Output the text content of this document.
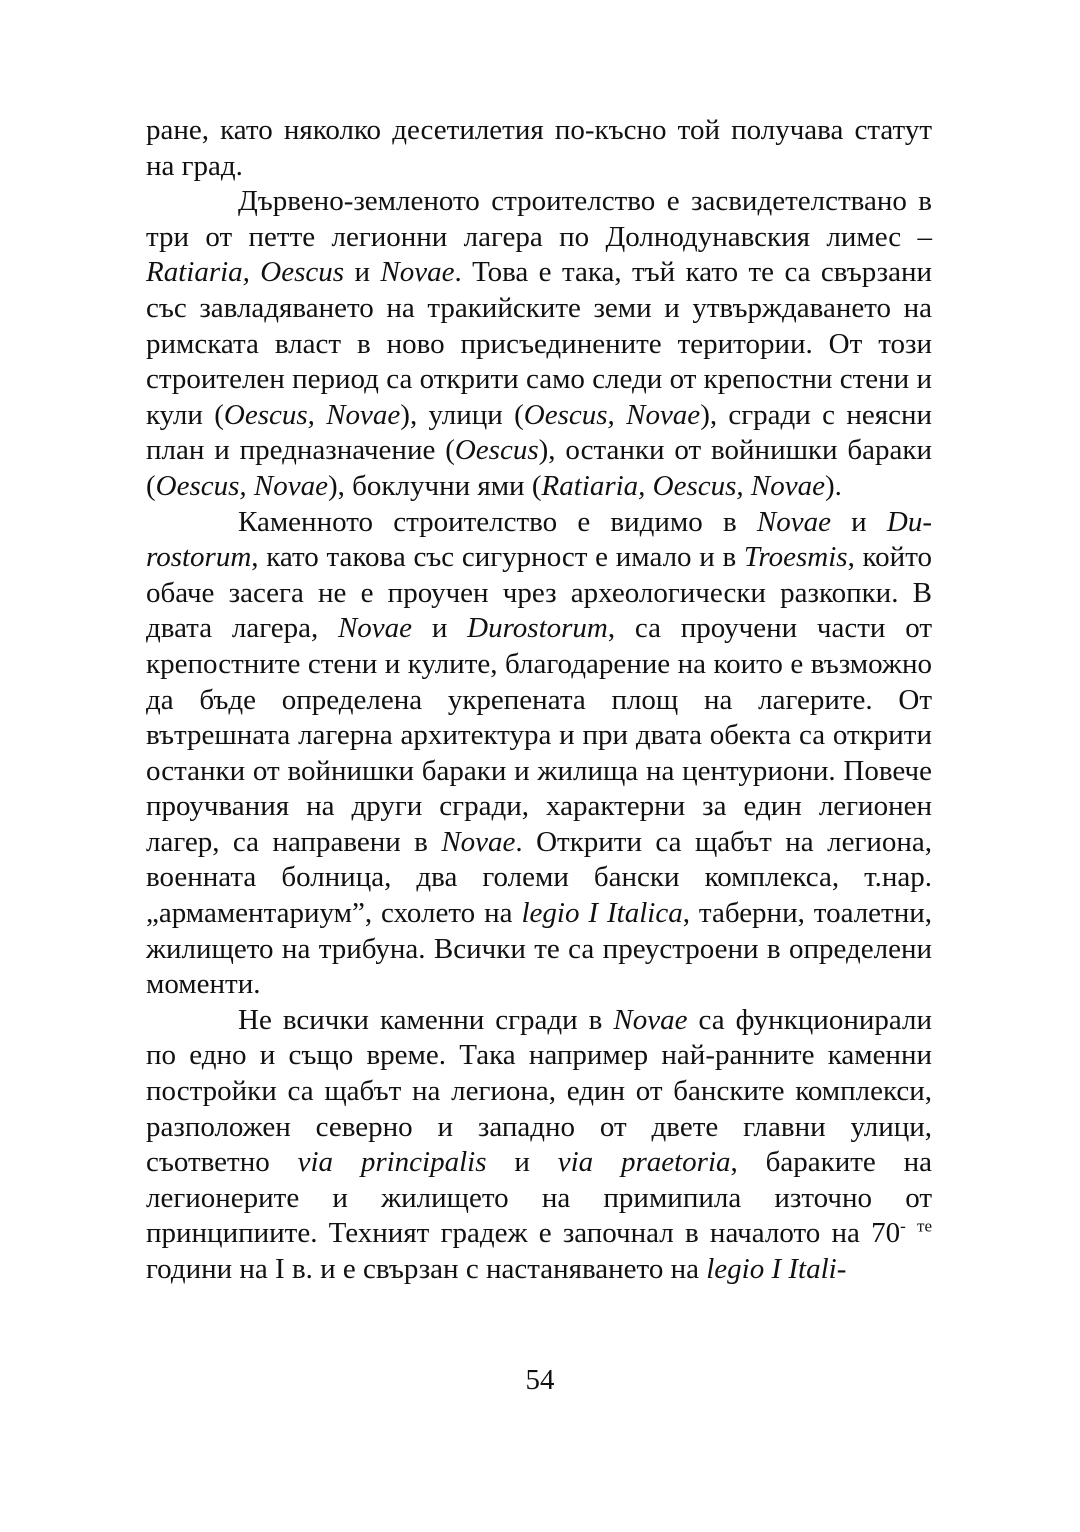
ране, като няколко десетилетия по-късно той получава статут на град.

Дървено-земленото строителство е засвидетелствано в три от петте легионни лагера по Долнодунавския лимес – Ratiaria, Oescus и Novae. Това е така, тъй като те са свързани със завладяването на тракийските земи и утвърждаването на римската власт в ново присъединените територии. От този строителен период са открити само следи от крепостни стени и кули (Oescus, Novae), улици (Oescus, Novae), сгради с неясни план и предназначение (Oescus), останки от войнишки бараки (Oescus, Novae), боклучни ями (Ratiaria, Oescus, Novae).

Каменното строителство е видимо в Novae и Durostorum, като такова със сигурност е имало и в Troesmis, който обаче засега не е проучен чрез археологически разкопки. В двата лагера, Novae и Durostorum, са проучени части от крепостните стени и кулите, благодарение на които е възможно да бъде определена укрепената площ на лагерите. От вътрешната лагерна архитектура и при двата обекта са открити останки от войнишки бараки и жилища на центуриони. Повече проучвания на други сгради, характерни за един легионен лагер, са направени в Novae. Открити са щабът на легиона, военната болница, два големи бански комплекса, т.нар. „армаментариум”, схолето на legio I Italica, таберни, тоалетни, жилището на трибуна. Всички те са преустроени в определени моменти.

Не всички каменни сгради в Novae са функционирали по едно и също време. Така например най-ранните каменни постройки са щабът на легиона, един от банските комплекси, разположен северно и западно от двете главни улици, съответно via principalis и via praetoria, бараките на легионерите и жилището на примипила източно от принципиите. Техният градеж е започнал в началото на 70- $^{те}$ години на I в. и е свързан с настаняването на legio I Itali-

54
